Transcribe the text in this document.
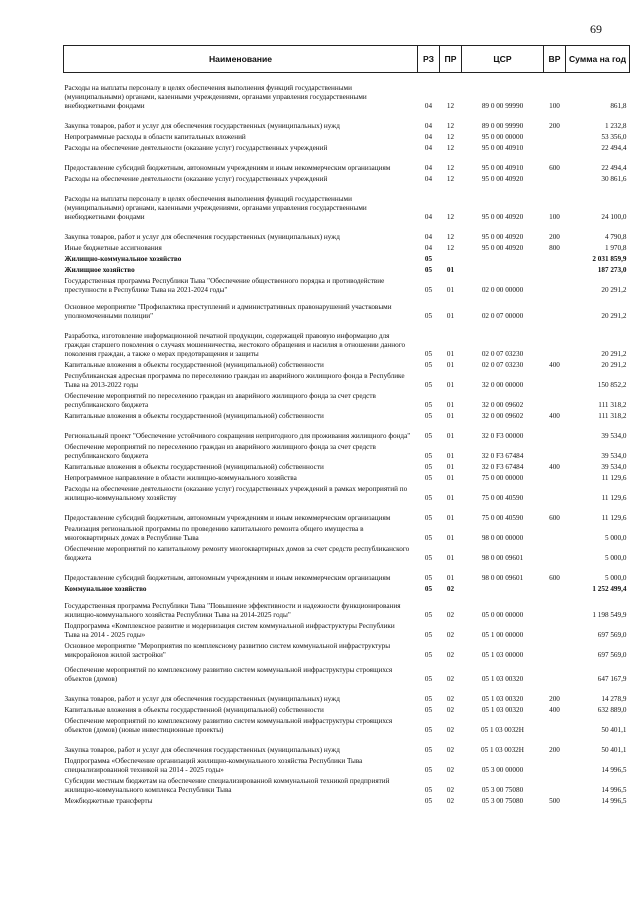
69
Наименование	РЗ	ПР	ЦСР	ВР	Сумма на год
Расходы на выплаты персоналу в целях обеспечения выполнения функций государственными (муниципальными) органами, казенными учреждениями, органами управления государственными внебюджетными фондами	04	12	89 0 00 99990	100	861,8
Закупка товаров, работ и услуг для обеспечения государственных (муниципальных) нужд	04	12	89 0 00 99990	200	1 232,8
Непрограммные расходы в области капитальных вложений	04	12	95 0 00 00000		53 356,0
Расходы на обеспечение деятельности (оказание услуг) государственных учреждений	04	12	95 0 00 40910		22 494,4
Предоставление субсидий бюджетным, автономным учреждениям и иным некоммерческим организациям	04	12	95 0 00 40910	600	22 494,4
Расходы на обеспечение деятельности (оказание услуг) государственных учреждений	04	12	95 0 00 40920		30 861,6
Расходы на выплаты персоналу в целях обеспечения выполнения функций государственными (муниципальными) органами, казенными учреждениями, органами управления государственными внебюджетными фондами	04	12	95 0 00 40920	100	24 100,0
Закупка товаров, работ и услуг для обеспечения государственных (муниципальных) нужд	04	12	95 0 00 40920	200	4 790,8
Иные бюджетные ассигнования	04	12	95 0 00 40920	800	1 970,8
Жилищно-коммунальное хозяйство	05				2 031 859,9
Жилищное хозяйство	05	01			187 273,0
Государственная программа Республики Тыва "Обеспечение общественного порядка и противодействие преступности в Республике Тыва на 2021-2024 годы"	05	01	02 0 00 00000		20 291,2
Основное мероприятие "Профилактика преступлений и административных правонарушений участковыми уполномоченными полиции"	05	01	02 0 07 00000		20 291,2
Разработка, изготовление информационной печатной продукции, содержащей правовую информацию для граждан старшего поколения о случаях мошенничества, жестокого обращения и насилия в отношении данного поколения граждан, а также о мерах предотвращения и защиты	05	01	02 0 07 03230		20 291,2
Капитальные вложения в объекты государственной (муниципальной) собственности	05	01	02 0 07 03230	400	20 291,2
Республиканская адресная программа по переселению граждан из аварийного жилищного фонда в Республике Тыва на 2013-2022 годы	05	01	32 0 00 00000		150 852,2
Обеспечение мероприятий по переселению граждан из аварийного жилищного фонда за счет средств республиканского бюджета	05	01	32 0 00 09602		111 318,2
Капитальные вложения в объекты государственной (муниципальной) собственности	05	01	32 0 00 09602	400	111 318,2
Региональный проект "Обеспечение устойчивого сокращения непригодного для проживания жилищного фонда"	05	01	32 0 F3 00000		39 534,0
Обеспечение мероприятий по переселению граждан из аварийного жилищного фонда за счет средств республиканского бюджета	05	01	32 0 F3 67484		39 534,0
Капитальные вложения в объекты государственной (муниципальной) собственности	05	01	32 0 F3 67484	400	39 534,0
Непрограммное направление в области жилищно-коммунального хозяйства	05	01	75 0 00 00000		11 129,6
Расходы на обеспечение деятельности (оказание услуг) государственных учреждений в рамках мероприятий по жилищно-коммунальному хозяйству	05	01	75 0 00 40590		11 129,6
Предоставление субсидий бюджетным, автономным учреждениям и иным некоммерческим организациям	05	01	75 0 00 40590	600	11 129,6
Реализация региональной программы по проведению капитального ремонта общего имущества в многоквартирных домах в Республике Тыва	05	01	98 0 00 00000		5 000,0
Обеспечение мероприятий по капитальному ремонту многоквартирных домов за счет средств республиканского бюджета	05	01	98 0 00 09601		5 000,0
Предоставление субсидий бюджетным, автономным учреждениям и иным некоммерческим организациям	05	01	98 0 00 09601	600	5 000,0
Коммунальное хозяйство	05	02			1 252 499,4
Государственная программа Республики Тыва "Повышение эффективности и надежности функционирования жилищно-коммунального хозяйства Республики Тыва на 2014-2025 годы"	05	02	05 0 00 00000		1 198 549,9
Подпрограмма «Комплексное развитие и модернизация систем коммунальной инфраструктуры Республики Тыва на 2014 - 2025 годы»	05	02	05 1 00 00000		697 569,0
Основное мероприятие "Мероприятия по комплексному развитию систем коммунальной инфраструктуры микрорайонов жилой застройки"	05	02	05 1 03 00000		697 569,0
Обеспечение мероприятий по комплексному развитию систем коммунальной инфраструктуры строящихся объектов (домов)	05	02	05 1 03 00320		647 167,9
Закупка товаров, работ и услуг для обеспечения государственных (муниципальных) нужд	05	02	05 1 03 00320	200	14 278,9
Капитальные вложения в объекты государственной (муниципальной) собственности	05	02	05 1 03 00320	400	632 889,0
Обеспечение мероприятий по комплексному развитию систем коммунальной инфраструктуры строящихся объектов (домов) (новые инвестиционные проекты)	05	02	05 1 03 0032Н		50 401,1
Закупка товаров, работ и услуг для обеспечения государственных (муниципальных) нужд	05	02	05 1 03 0032Н	200	50 401,1
Подпрограмма «Обеспечение организаций жилищно-коммунального хозяйства Республики Тыва специализированной техникой на 2014 - 2025 годы»	05	02	05 3 00 00000		14 996,5
Субсидии местным бюджетам на обеспечение специализированной коммунальной техникой предприятий жилищно-коммунального комплекса Республики Тыва	05	02	05 3 00 75080		14 996,5
Межбюджетные трансферты	05	02	05 3 00 75080	500	14 996,5
